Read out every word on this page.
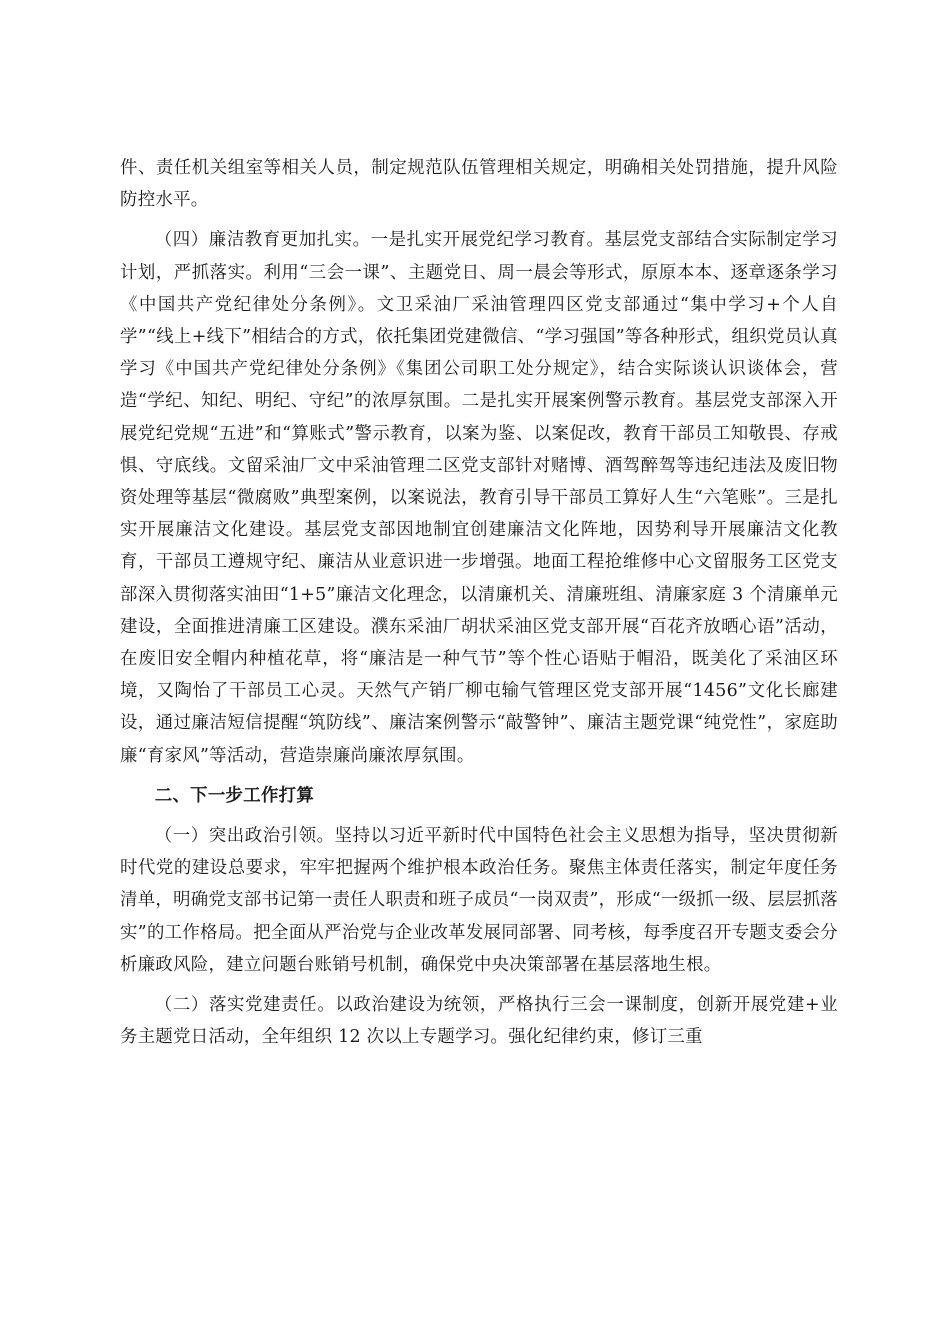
件、责任机关组室等相关人员，制定规范队伍管理相关规定，明确相关处罚措施，提升风险防控水平。

（四）廉洁教育更加扎实。一是扎实开展党纪学习教育。基层党支部结合实际制定学习计划，严抓落实。利用“三会一课”、主题党日、周一晨会等形式，原原本本、逐章逐条学习《中国共产党纪律处分条例》。文卫采油厂采油管理四区党支部通过“集中学习+个人自学”“线上+线下”相结合的方式，依托集团党建微信、“学习强国”等各种形式，组织党员认真学习《中国共产党纪律处分条例》《集团公司职工处分规定》，结合实际谈认识谈体会，营造“学纪、知纪、明纪、守纪”的浓厚氛围。二是扎实开展案例警示教育。基层党支部深入开展党纪党规“五进”和“算账式”警示教育，以案为鉴、以案促改，教育干部员工知敬畏、存戒惧、守底线。文留采油厂文中采油管理二区党支部针对赌博、酒驾醉驾等违纪违法及废旧物资处理等基层“微腐败”典型案例，以案说法，教育引导干部员工算好人生“六笔账”。三是扎实开展廉洁文化建设。基层党支部因地制宜创建廉洁文化阵地，因势利导开展廉洁文化教育，干部员工遵规守纪、廉洁从业意识进一步增强。地面工程抢维修中心文留服务工区党支部深入贯彻落实油田“1+5”廉洁文化理念，以清廉机关、清廉班组、清廉家庭 3 个清廉单元建设，全面推进清廉工区建设。濮东采油厂胡状采油区党支部开展“百花齐放晒心语”活动，在废旧安全帽内种植花草，将“廉洁是一种气节”等个性心语贴于帽沿，既美化了采油区环境，又陶怡了干部员工心灵。天然气产销厂柳屯输气管理区党支部开展“1456”文化长廊建设，通过廉洁短信提醒“筑防线”、廉洁案例警示“敲警钟”、廉洁主题党课“纯党性”，家庭助廉“育家风”等活动，营造崇廉尚廉浓厚氛围。

二、下一步工作打算

（一）突出政治引领。坚持以习近平新时代中国特色社会主义思想为指导，坚决贯彻新时代党的建设总要求，牢牢把握两个维护根本政治任务。聚焦主体责任落实，制定年度任务清单，明确党支部书记第一责任人职责和班子成员“一岗双责”，形成“一级抓一级、层层抓落实”的工作格局。把全面从严治党与企业改革发展同部署、同考核，每季度召开专题支委会分析廉政风险，建立问题台账销号机制，确保党中央决策部署在基层落地生根。

（二）落实党建责任。以政治建设为统领，严格执行三会一课制度，创新开展党建+业务主题党日活动，全年组织 12 次以上专题学习。强化纪律约束，修订三重
